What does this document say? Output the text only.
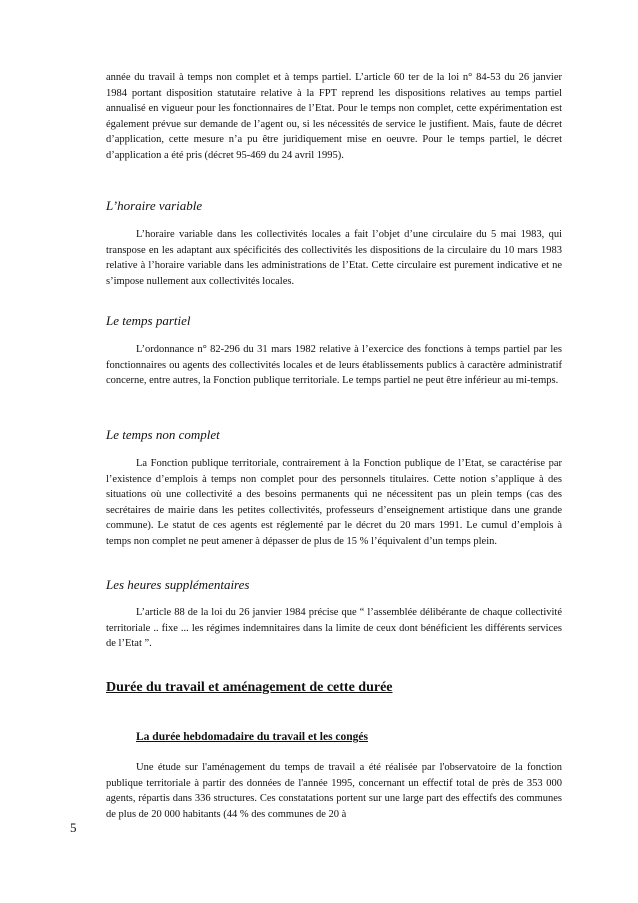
année du travail à temps non complet et à temps partiel. L’article 60 ter de la loi n° 84-53 du 26 janvier 1984 portant disposition statutaire relative à la FPT reprend les dispositions relatives au temps partiel annualisé en vigueur pour les fonctionnaires de l’Etat. Pour le temps non complet, cette expérimentation est également prévue sur demande de l’agent ou, si les nécessités de service le justifient. Mais, faute de décret d’application, cette mesure n’a pu être juridiquement mise en oeuvre. Pour le temps partiel, le décret d’application a été pris (décret 95-469 du 24 avril 1995).

L’horaire variable

L’horaire variable dans les collectivités locales a fait l’objet d’une circulaire du 5 mai 1983, qui transpose en les adaptant aux spécificités des collectivités les dispositions de la circulaire du 10 mars 1983 relative à l’horaire variable dans les administrations de l’Etat. Cette circulaire est purement indicative et ne s’impose nullement aux collectivités locales.

Le temps partiel

L’ordonnance n° 82-296 du 31 mars 1982 relative à l’exercice des fonctions à temps partiel par les fonctionnaires ou agents des collectivités locales et de leurs établissements publics à caractère administratif concerne, entre autres, la Fonction publique territoriale. Le temps partiel ne peut être inférieur au mi-temps.

Le temps non complet

La Fonction publique territoriale, contrairement à la Fonction publique de l’Etat, se caractérise par l’existence d’emplois à temps non complet pour des personnels titulaires. Cette notion s’applique à des situations où une collectivité a des besoins permanents qui ne nécessitent pas un plein temps (cas des secrétaires de mairie dans les petites collectivités, professeurs d’enseignement artistique dans une grande commune). Le statut de ces agents est réglementé par le décret du 20 mars 1991. Le cumul d’emplois à temps non complet ne peut amener à dépasser de plus de 15 % l’équivalent d’un temps plein.

Les heures supplémentaires

L’article 88 de la loi du 26 janvier 1984 précise que “ l’assemblée délibérante de chaque collectivité territoriale .. fixe ... les régimes indemnitaires dans la limite de ceux dont bénéficient les différents services de l’Etat ”.

Durée du travail et aménagement de cette durée

La durée hebdomadaire du travail et les congés

Une étude sur l'aménagement du temps de travail a été réalisée par l'observatoire de la fonction publique territoriale à partir des données de l'année 1995, concernant un effectif total de près de 353 000 agents, répartis dans 336 structures. Ces constatations portent sur une large part des effectifs des communes de plus de 20 000 habitants (44 % des communes de 20 à

5
